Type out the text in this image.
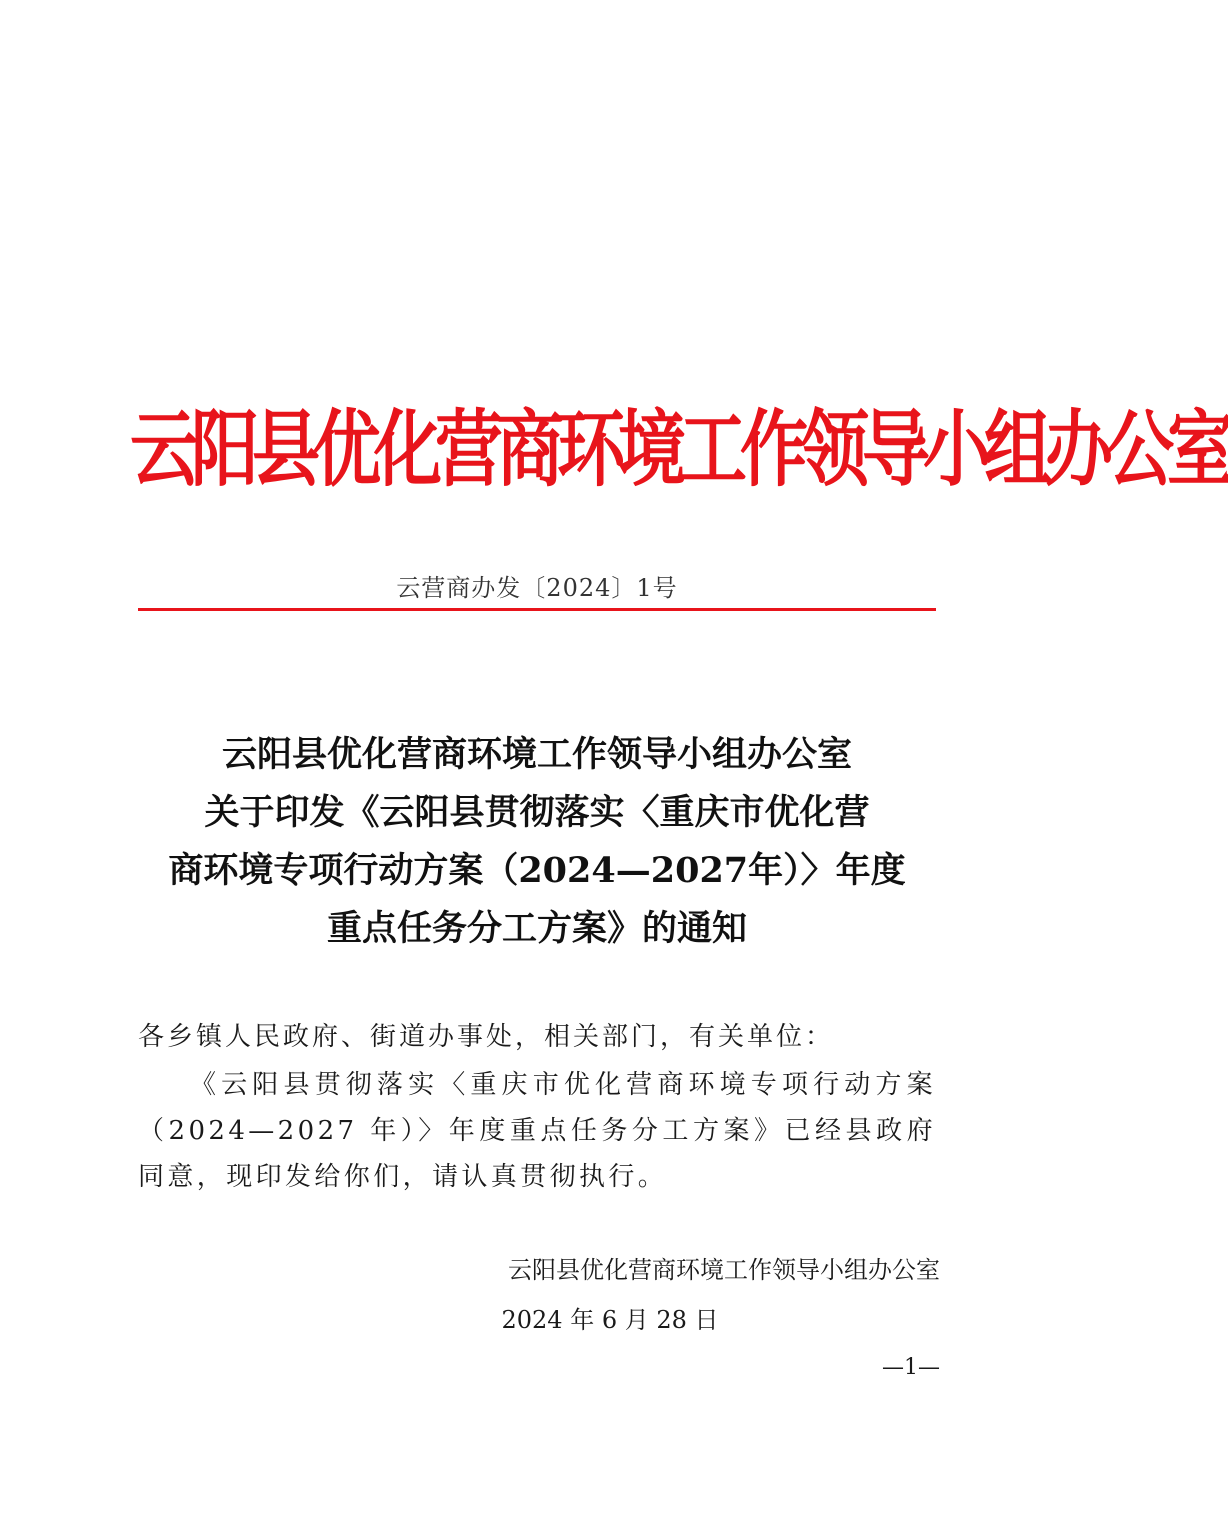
云阳县优化营商环境工作领导小组办公室
云营商办发〔2024〕1号
云阳县优化营商环境工作领导小组办公室
关于印发《云阳县贯彻落实〈重庆市优化营
商环境专项行动方案（2024—2027年）〉年度
重点任务分工方案》的通知
各乡镇人民政府、街道办事处，相关部门，有关单位：
《云阳县贯彻落实〈重庆市优化营商环境专项行动方案（2024—2027 年）〉年度重点任务分工方案》已经县政府同意，现印发给你们，请认真贯彻执行。
云阳县优化营商环境工作领导小组办公室
2024 年 6 月 28 日
—1—
